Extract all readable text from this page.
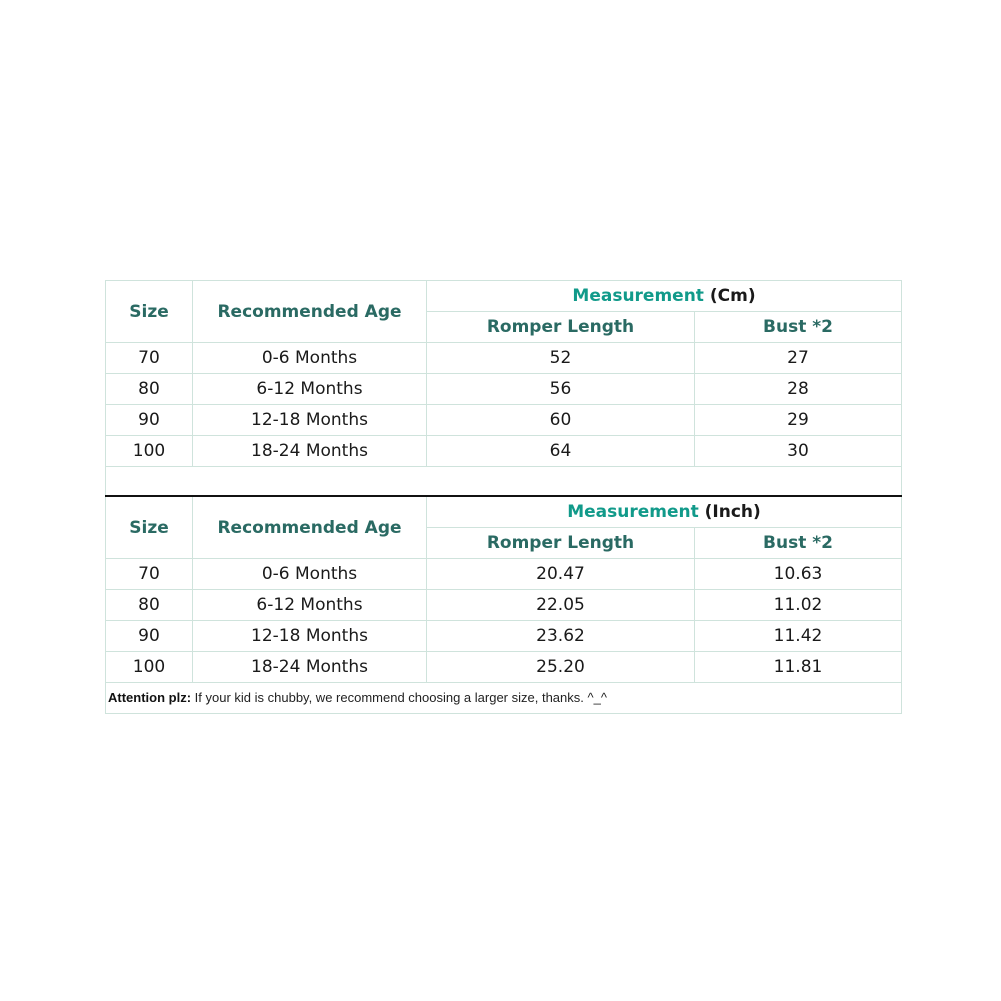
Size	Recommended Age	Measurement (Cm)	
		Romper Length	Bust *2
70	0-6 Months	52	27
80	6-12 Months	56	28
90	12-18 Months	60	29
100	18-24 Months	64	30

Size	Recommended Age	Measurement (Inch)	
		Romper Length	Bust *2
70	0-6 Months	20.47	10.63
80	6-12 Months	22.05	11.02
90	12-18 Months	23.62	11.42
100	18-24 Months	25.20	11.81
Attention plz: If your kid is chubby, we recommend choosing a larger size, thanks. ^_^			
